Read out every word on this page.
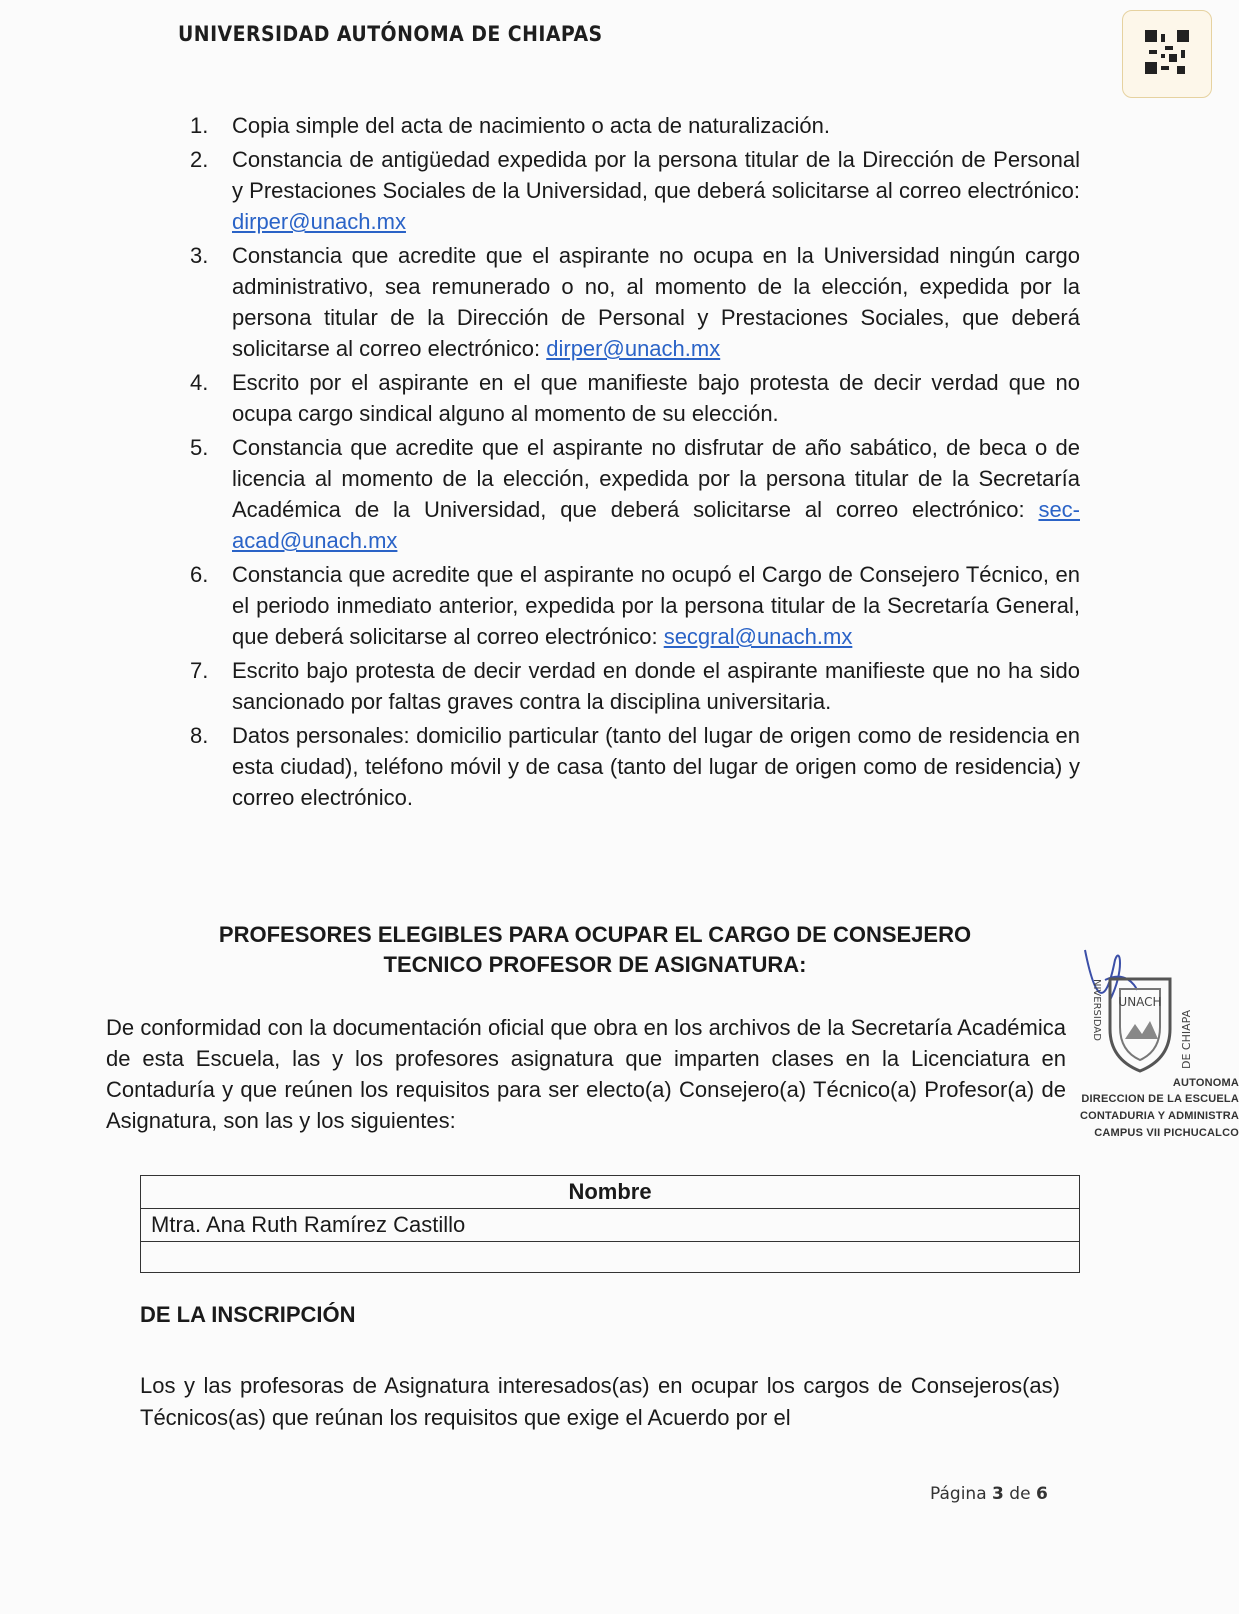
UNIVERSIDAD AUTÓNOMA DE CHIAPAS
1. Copia simple del acta de nacimiento o acta de naturalización.
2. Constancia de antigüedad expedida por la persona titular de la Dirección de Personal y Prestaciones Sociales de la Universidad, que deberá solicitarse al correo electrónico: dirper@unach.mx
3. Constancia que acredite que el aspirante no ocupa en la Universidad ningún cargo administrativo, sea remunerado o no, al momento de la elección, expedida por la persona titular de la Dirección de Personal y Prestaciones Sociales, que deberá solicitarse al correo electrónico: dirper@unach.mx
4. Escrito por el aspirante en el que manifieste bajo protesta de decir verdad que no ocupa cargo sindical alguno al momento de su elección.
5. Constancia que acredite que el aspirante no disfrutar de año sabático, de beca o de licencia al momento de la elección, expedida por la persona titular de la Secretaría Académica de la Universidad, que deberá solicitarse al correo electrónico: sec-acad@unach.mx
6. Constancia que acredite que el aspirante no ocupó el Cargo de Consejero Técnico, en el periodo inmediato anterior, expedida por la persona titular de la Secretaría General, que deberá solicitarse al correo electrónico: secgral@unach.mx
7. Escrito bajo protesta de decir verdad en donde el aspirante manifieste que no ha sido sancionado por faltas graves contra la disciplina universitaria.
8. Datos personales: domicilio particular (tanto del lugar de origen como de residencia en esta ciudad), teléfono móvil y de casa (tanto del lugar de origen como de residencia) y correo electrónico.
PROFESORES ELEGIBLES PARA OCUPAR EL CARGO DE CONSEJERO
TECNICO PROFESOR DE ASIGNATURA:
De conformidad con la documentación oficial que obra en los archivos de la Secretaría Académica de esta Escuela, las y los profesores asignatura que imparten clases en la Licenciatura en Contaduría y que reúnen los requisitos para ser electo(a) Consejero(a) Técnico(a) Profesor(a) de Asignatura, son las y los siguientes:
UNACH
NIVERSIDAD	DE CHIAPA
AUTONOMA
DIRECCION DE LA ESCUELA
CONTADURIA Y ADMINISTRA
CAMPUS VII PICHUCALCO
Nombre
Mtra. Ana Ruth Ramírez Castillo

DE LA INSCRIPCIÓN
Los y las profesoras de Asignatura interesados(as) en ocupar los cargos de Consejeros(as) Técnicos(as) que reúnan los requisitos que exige el Acuerdo por el
Página 3 de 6
